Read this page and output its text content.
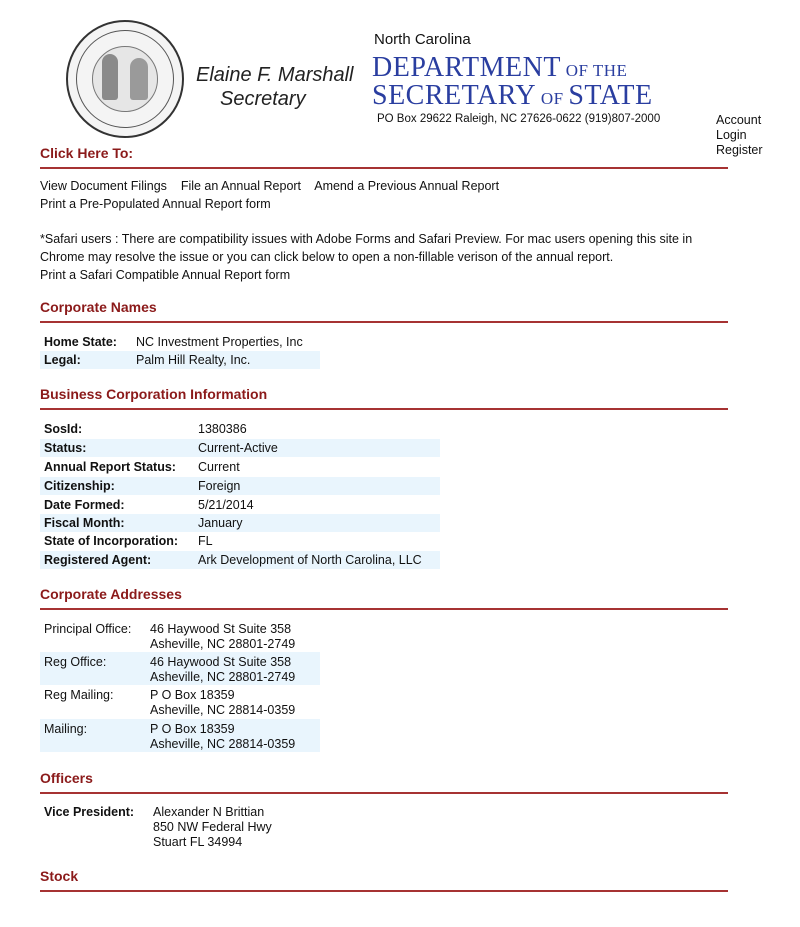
Elaine F. Marshall
Secretary
North Carolina
DEPARTMENT OF THE
SECRETARY OF STATE
PO Box 29622 Raleigh, NC 27626-0622 (919)807-2000	Account
Login
Register
Click Here To:
View Document Filings File an Annual Report Amend a Previous Annual Report
Print a Pre-Populated Annual Report form
*Safari users : There are compatibility issues with Adobe Forms and Safari Preview. For mac users opening this site in
Chrome may resolve the issue or you can click below to open a non-fillable verison of the annual report.
Print a Safari Compatible Annual Report form
Corporate Names
Home State: NC Investment Properties, Inc
Legal:	Palm Hill Realty, Inc.
Business Corporation Information
SosId:	1380386
Status:	Current-Active
Annual Report Status: Current
Citizenship:	Foreign
Date Formed:	5/21/2014
Fiscal Month:	January
State of Incorporation: FL
Registered Agent:	Ark Development of North Carolina, LLC
Corporate Addresses
Principal Office: 46 Haywood St Suite 358
Asheville, NC 28801-2749
Reg Office:	46 Haywood St Suite 358
Asheville, NC 28801-2749
Reg Mailing:	P O Box 18359
Asheville, NC 28814-0359
Mailing:	P O Box 18359
Asheville, NC 28814-0359
Officers
Vice President: Alexander N Brittian
850 NW Federal Hwy
Stuart FL 34994
Stock
